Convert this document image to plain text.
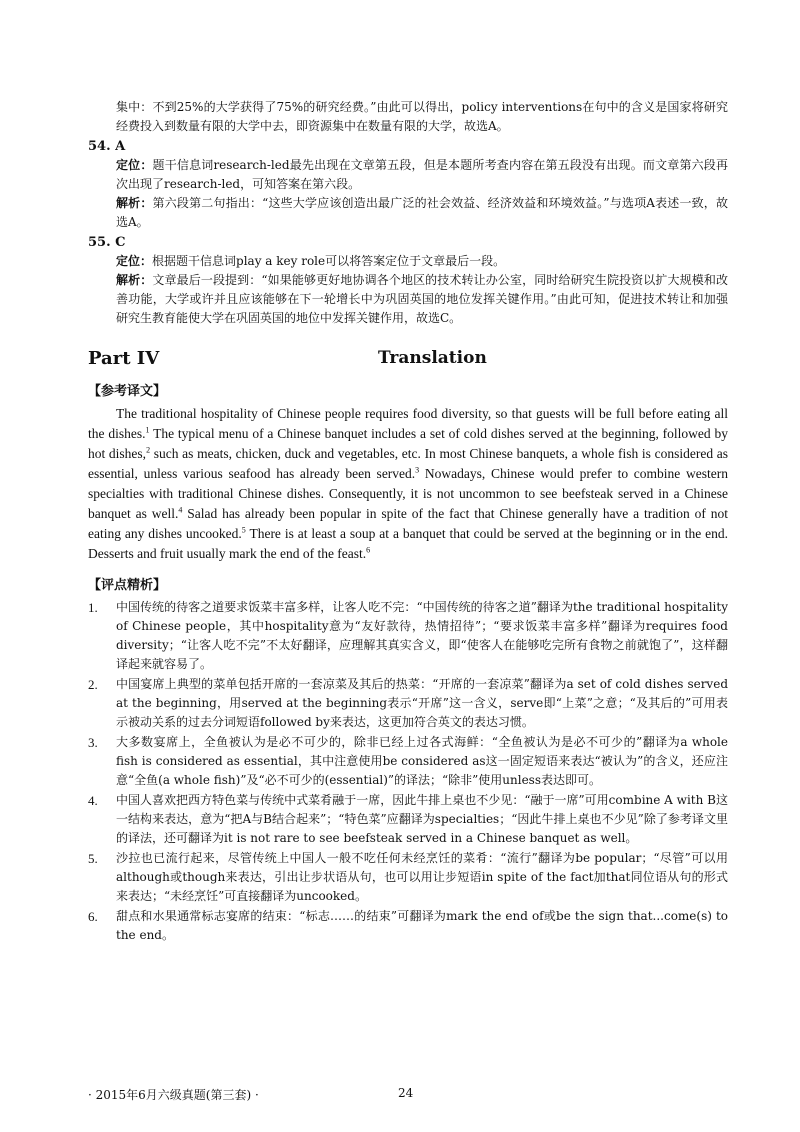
集中：不到25%的大学获得了75%的研究经费。”由此可以得出，policy interventions在句中的含义是国家将研究经费投入到数量有限的大学中去，即资源集中在数量有限的大学，故选A。
54. A
定位：题干信息词research-led最先出现在文章第五段，但是本题所考查内容在第五段没有出现。而文章第六段再次出现了research-led，可知答案在第六段。
解析：第六段第二句指出：“这些大学应该创造出最广泛的社会效益、经济效益和环境效益。”与选项A表述一致，故选A。
55. C
定位：根据题干信息词play a key role可以将答案定位于文章最后一段。
解析：文章最后一段提到：“如果能够更好地协调各个地区的技术转让办公室，同时给研究生院投资以扩大规模和改善功能，大学或许并且应该能够在下一轮增长中为巩固英国的地位发挥关键作用。”由此可知，促进技术转让和加强研究生教育能使大学在巩固英国的地位中发挥关键作用，故选C。
Part IV	Translation
【参考译文】
The traditional hospitality of Chinese people requires food diversity, so that guests will be full before eating all the dishes.$^1$ The typical menu of a Chinese banquet includes a set of cold dishes served at the beginning, followed by hot dishes,$^2$ such as meats, chicken, duck and vegetables, etc. In most Chinese banquets, a whole fish is considered as essential, unless various seafood has already been served.$^3$ Nowadays, Chinese would prefer to combine western specialties with traditional Chinese dishes. Consequently, it is not uncommon to see beefsteak served in a Chinese banquet as well.$^4$ Salad has already been popular in spite of the fact that Chinese generally have a tradition of not eating any dishes uncooked.$^5$ There is at least a soup at a banquet that could be served at the beginning or in the end. Desserts and fruit usually mark the end of the feast.$^6$
【评点精析】
1. 中国传统的待客之道要求饭菜丰富多样，让客人吃不完：“中国传统的待客之道”翻译为the traditional hospitality of Chinese people，其中hospitality意为“友好款待，热情招待”；“要求饭菜丰富多样”翻译为requires food diversity；“让客人吃不完”不太好翻译，应理解其真实含义，即“使客人在能够吃完所有食物之前就饱了”，这样翻译起来就容易了。
2. 中国宴席上典型的菜单包括开席的一套凉菜及其后的热菜：“开席的一套凉菜”翻译为a set of cold dishes served at the beginning，用served at the beginning表示“开席”这一含义，serve即“上菜”之意；“及其后的”可用表示被动关系的过去分词短语followed by来表达，这更加符合英文的表达习惯。
3. 大多数宴席上，全鱼被认为是必不可少的，除非已经上过各式海鲜：“全鱼被认为是必不可少的”翻译为a whole fish is considered as essential，其中注意使用be considered as这一固定短语来表达“被认为”的含义，还应注意“全鱼(a whole fish)”及“必不可少的(essential)”的译法；“除非”使用unless表达即可。
4. 中国人喜欢把西方特色菜与传统中式菜肴融于一席，因此牛排上桌也不少见：“融于一席”可用combine A with B这一结构来表达，意为“把A与B结合起来”；“特色菜”应翻译为specialties；“因此牛排上桌也不少见”除了参考译文里的译法，还可翻译为it is not rare to see beefsteak served in a Chinese banquet as well。
5. 沙拉也已流行起来，尽管传统上中国人一般不吃任何未经烹饪的菜肴：“流行”翻译为be popular；“尽管”可以用although或though来表达，引出让步状语从句，也可以用让步短语in spite of the fact加that同位语从句的形式来表达；“未经烹饪”可直接翻译为uncooked。
6. 甜点和水果通常标志宴席的结束：“标志……的结束”可翻译为mark the end of或be the sign that...come(s) to the end。
· 2015年6月六级真题(第三套) ·	24
